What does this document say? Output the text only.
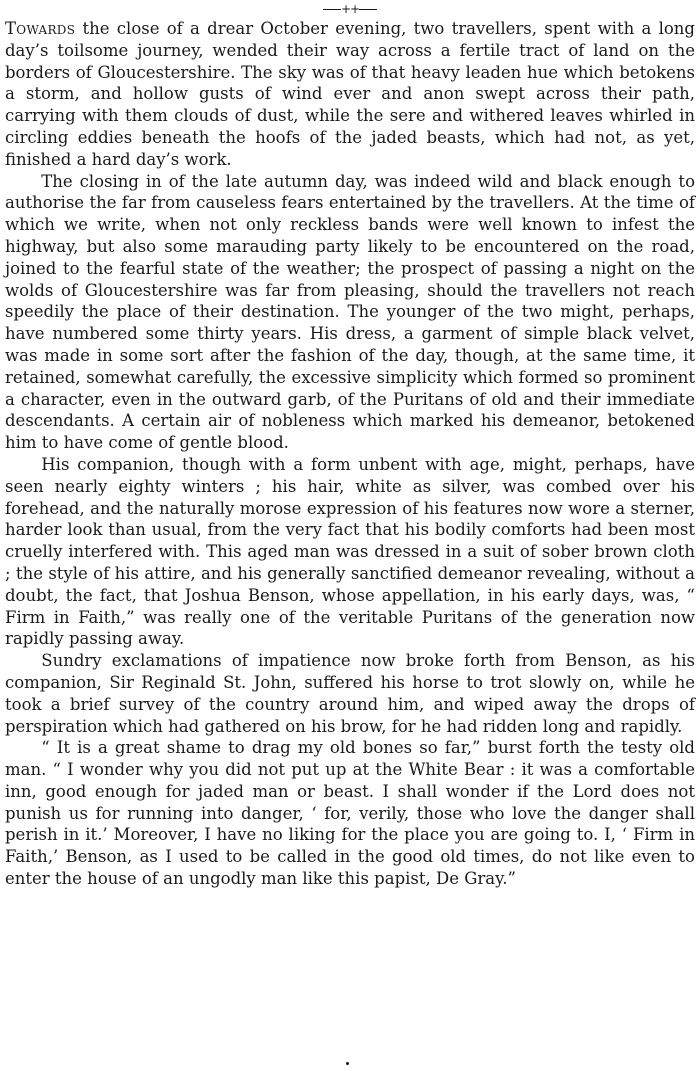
++

Towards the close of a drear October evening, two travellers, spent with a long day’s toilsome journey, wended their way across a fertile tract of land on the borders of Gloucestershire. The sky was of that heavy leaden hue which betokens a storm, and hollow gusts of wind ever and anon swept across their path, carrying with them clouds of dust, while the sere and withered leaves whirled in circling eddies beneath the hoofs of the jaded beasts, which had not, as yet, finished a hard day’s work.

The closing in of the late autumn day, was indeed wild and black enough to authorise the far from causeless fears entertained by the travellers. At the time of which we write, when not only reckless bands were well known to infest the highway, but also some marauding party likely to be encountered on the road, joined to the fearful state of the weather; the prospect of passing a night on the wolds of Gloucestershire was far from pleasing, should the travellers not reach speedily the place of their destination. The younger of the two might, perhaps, have numbered some thirty years. His dress, a garment of simple black velvet, was made in some sort after the fashion of the day, though, at the same time, it retained, somewhat carefully, the excessive simplicity which formed so prominent a character, even in the outward garb, of the Puritans of old and their immediate descendants. A certain air of nobleness which marked his demeanor, betokened him to have come of gentle blood.

His companion, though with a form unbent with age, might, perhaps, have seen nearly eighty winters ; his hair, white as silver, was combed over his forehead, and the naturally morose expression of his features now wore a sterner, harder look than usual, from the very fact that his bodily comforts had been most cruelly interfered with. This aged man was dressed in a suit of sober brown cloth ; the style of his attire, and his generally sanctified demeanor revealing, without a doubt, the fact, that Joshua Benson, whose appellation, in his early days, was, “ Firm in Faith,” was really one of the veritable Puritans of the generation now rapidly passing away.

Sundry exclamations of impatience now broke forth from Benson, as his companion, Sir Reginald St. John, suffered his horse to trot slowly on, while he took a brief survey of the country around him, and wiped away the drops of perspiration which had gathered on his brow, for he had ridden long and rapidly.

“ It is a great shame to drag my old bones so far,” burst forth the testy old man. “ I wonder why you did not put up at the White Bear : it was a comfortable inn, good enough for jaded man or beast. I shall wonder if the Lord does not punish us for running into danger, ‘ for, verily, those who love the danger shall perish in it.’ Moreover, I have no liking for the place you are going to. I, ‘ Firm in Faith,’ Benson, as I used to be called in the good old times, do not like even to enter the house of an ungodly man like this papist, De Gray.”
